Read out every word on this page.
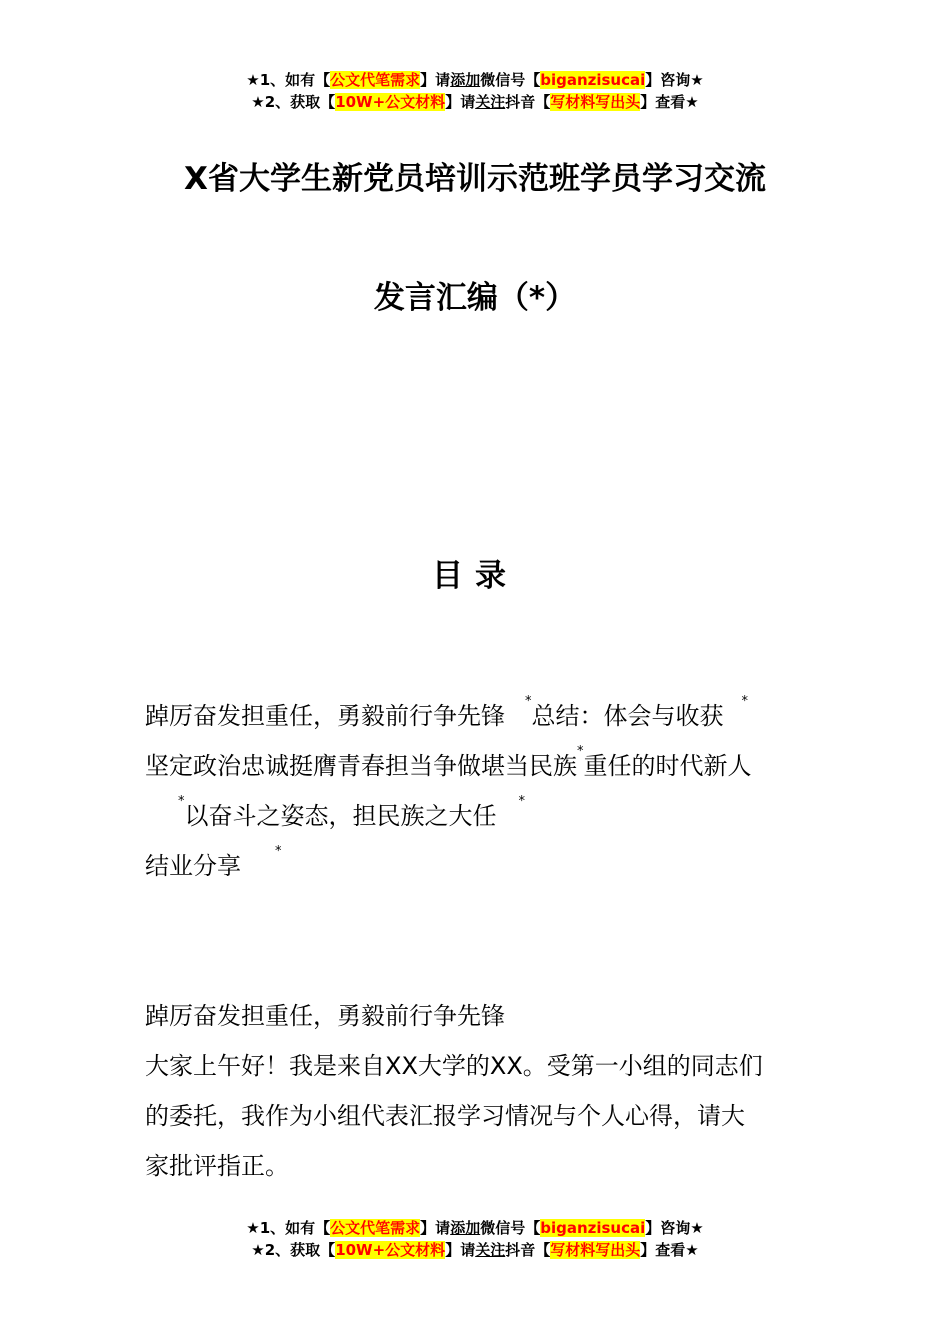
★1、如有【公文代笔需求】请添加微信号【biganzisucai】咨询★
★2、获取【10W+公文材料】请关注抖音【写材料写出头】查看★
X省大学生新党员培训示范班学员学习交流
发言汇编（*）
目录
踔厉奋发担重任，勇毅前行争先锋*总结：体会与收获*
坚定政治忠诚挺膺青春担当争做堪当民族*重任的时代新人
*以奋斗之姿态，担民族之大任*
结业分享*
踔厉奋发担重任，勇毅前行争先锋
大家上午好！我是来自XX大学的XX。受第一小组的同志们
的委托，我作为小组代表汇报学习情况与个人心得，请大
家批评指正。
★1、如有【公文代笔需求】请添加微信号【biganzisucai】咨询★
★2、获取【10W+公文材料】请关注抖音【写材料写出头】查看★
